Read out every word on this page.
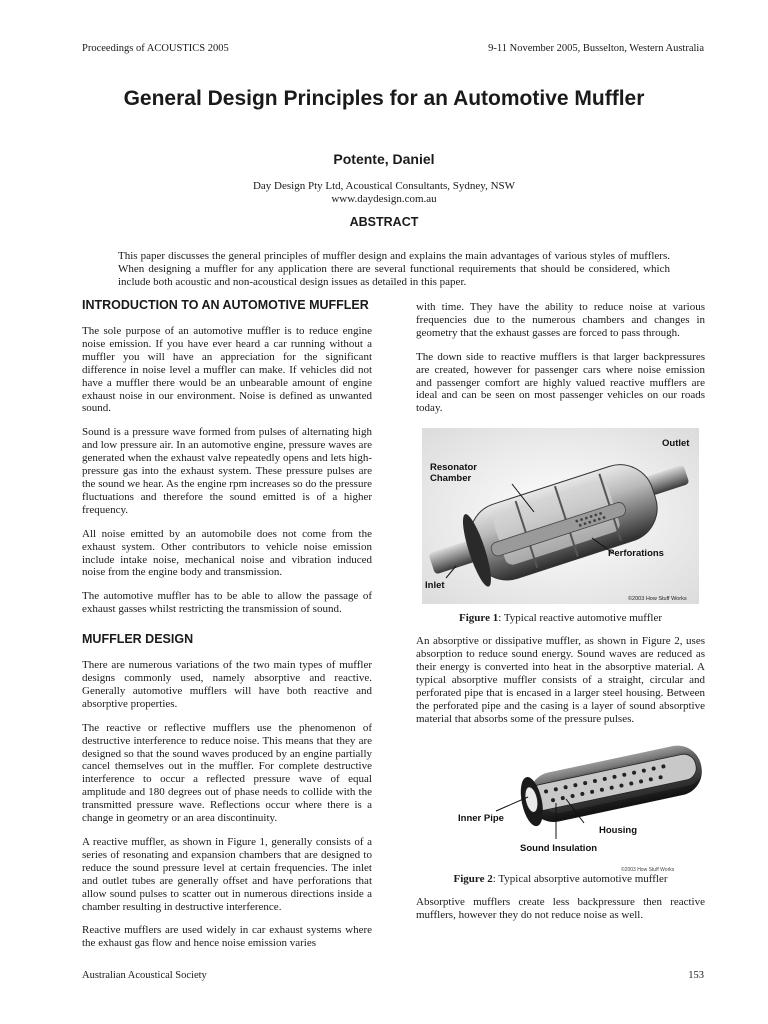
Proceedings of ACOUSTICS 2005	9-11 November 2005, Busselton, Western Australia
General Design Principles for an Automotive Muffler
Potente, Daniel
Day Design Pty Ltd, Acoustical Consultants, Sydney, NSW
www.daydesign.com.au
ABSTRACT
This paper discusses the general principles of muffler design and explains the main advantages of various styles of mufflers. When designing a muffler for any application there are several functional requirements that should be considered, which include both acoustic and non-acoustical design issues as detailed in this paper.
INTRODUCTION TO AN AUTOMOTIVE MUFFLER

The sole purpose of an automotive muffler is to reduce engine noise emission. If you have ever heard a car running without a muffler you will have an appreciation for the significant difference in noise level a muffler can make. If vehicles did not have a muffler there would be an unbearable amount of engine exhaust noise in our environment. Noise is defined as unwanted sound.

Sound is a pressure wave formed from pulses of alternating high and low pressure air. In an automotive engine, pressure waves are generated when the exhaust valve repeatedly opens and lets high-pressure gas into the exhaust system. These pressure pulses are the sound we hear. As the engine rpm increases so do the pressure fluctuations and therefore the sound emitted is of a higher frequency.

All noise emitted by an automobile does not come from the exhaust system. Other contributors to vehicle noise emission include intake noise, mechanical noise and vibration induced noise from the engine body and transmission.

The automotive muffler has to be able to allow the passage of exhaust gasses whilst restricting the transmission of sound.

MUFFLER DESIGN

There are numerous variations of the two main types of muffler designs commonly used, namely absorptive and reactive. Generally automotive mufflers will have both reactive and absorptive properties.

The reactive or reflective mufflers use the phenomenon of destructive interference to reduce noise. This means that they are designed so that the sound waves produced by an engine partially cancel themselves out in the muffler. For complete destructive interference to occur a reflected pressure wave of equal amplitude and 180 degrees out of phase needs to collide with the transmitted pressure wave. Reflections occur where there is a change in geometry or an area discontinuity.

A reactive muffler, as shown in Figure 1, generally consists of a series of resonating and expansion chambers that are designed to reduce the sound pressure level at certain frequencies. The inlet and outlet tubes are generally offset and have perforations that allow sound pulses to scatter out in numerous directions inside a chamber resulting in destructive interference.

Reactive mufflers are used widely in car exhaust systems where the exhaust gas flow and hence noise emission varies

with time. They have the ability to reduce noise at various frequencies due to the numerous chambers and changes in geometry that the exhaust gasses are forced to pass through.

The down side to reactive mufflers is that larger backpressures are created, however for passenger cars where noise emission and passenger comfort are highly valued reactive mufflers are ideal and can be seen on most passenger vehicles on our roads today.

Outlet
Resonator
Chamber
Perforations
Inlet
©2003 How Stuff Works
Figure 1: Typical reactive automotive muffler

An absorptive or dissipative muffler, as shown in Figure 2, uses absorption to reduce sound energy. Sound waves are reduced as their energy is converted into heat in the absorptive material. A typical absorptive muffler consists of a straight, circular and perforated pipe that is encased in a larger steel housing. Between the perforated pipe and the casing is a layer of sound absorptive material that absorbs some of the pressure pulses.

Inner Pipe
Housing
Sound Insulation
©2003 How Stuff Works
Figure 2: Typical absorptive automotive muffler

Absorptive mufflers create less backpressure then reactive mufflers, however they do not reduce noise as well.

Australian Acoustical Society	153
